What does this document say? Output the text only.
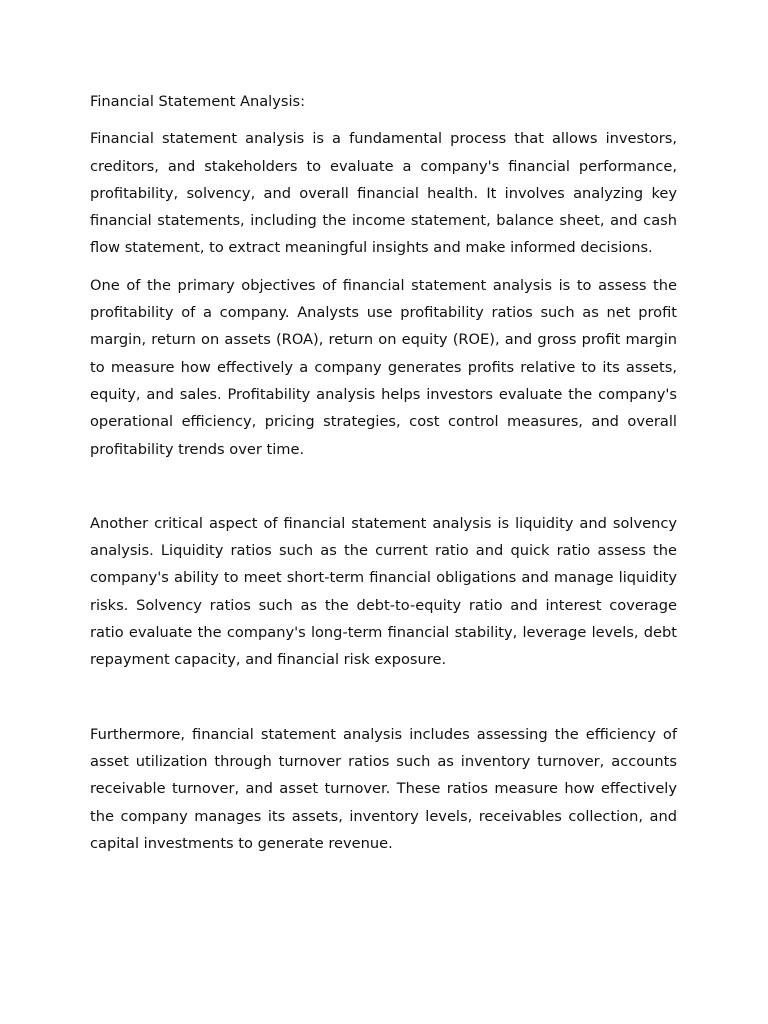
Financial Statement Analysis:

Financial statement analysis is a fundamental process that allows investors, creditors, and stakeholders to evaluate a company's financial performance, profitability, solvency, and overall financial health. It involves analyzing key financial statements, including the income statement, balance sheet, and cash flow statement, to extract meaningful insights and make informed decisions.

One of the primary objectives of financial statement analysis is to assess the profitability of a company. Analysts use profitability ratios such as net profit margin, return on assets (ROA), return on equity (ROE), and gross profit margin to measure how effectively a company generates profits relative to its assets, equity, and sales. Profitability analysis helps investors evaluate the company's operational efficiency, pricing strategies, cost control measures, and overall profitability trends over time.

Another critical aspect of financial statement analysis is liquidity and solvency analysis. Liquidity ratios such as the current ratio and quick ratio assess the company's ability to meet short-term financial obligations and manage liquidity risks. Solvency ratios such as the debt-to-equity ratio and interest coverage ratio evaluate the company's long-term financial stability, leverage levels, debt repayment capacity, and financial risk exposure.

Furthermore, financial statement analysis includes assessing the efficiency of asset utilization through turnover ratios such as inventory turnover, accounts receivable turnover, and asset turnover. These ratios measure how effectively the company manages its assets, inventory levels, receivables collection, and capital investments to generate revenue.
